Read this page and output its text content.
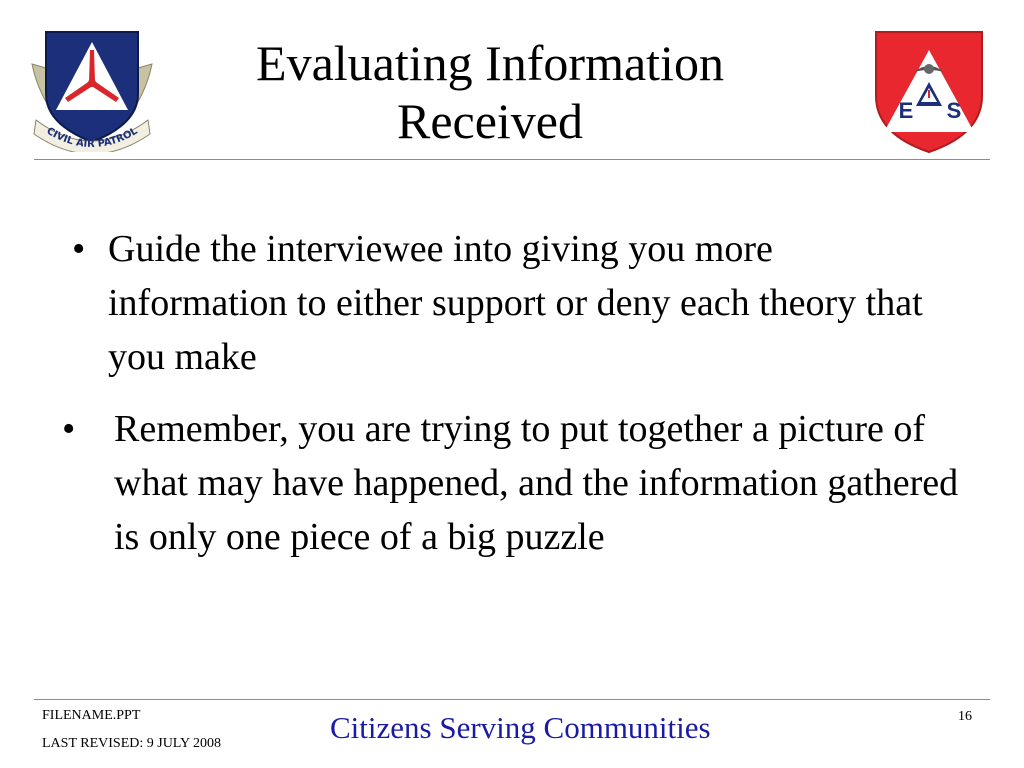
CIVIL AIR PATROL
E S
Evaluating Information
Received
• Guide the interviewee into giving you more information to either support or deny each theory that you make
• Remember, you are trying to put together a picture of what may have happened, and the information gathered is only one piece of a big puzzle
FILENAME.PPT
LAST REVISED: 9 JULY 2008	Citizens Serving Communities	16
